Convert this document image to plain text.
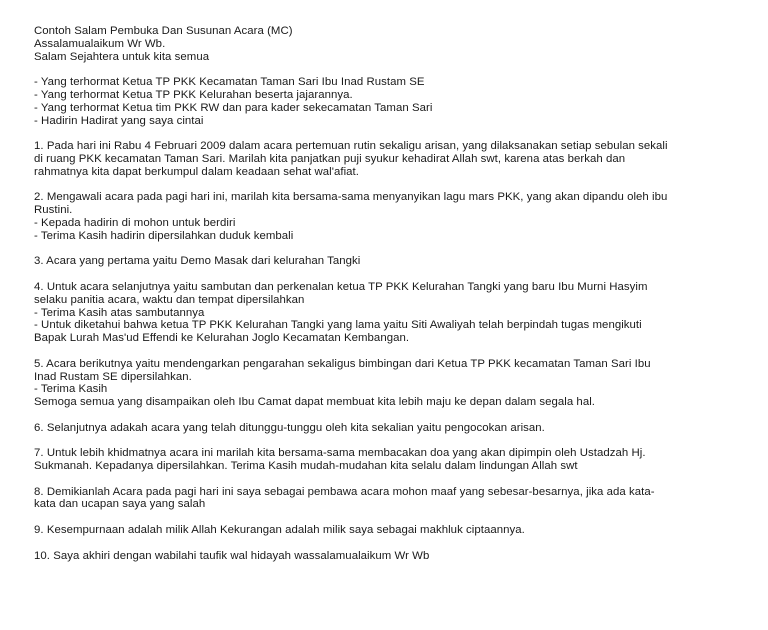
Contoh Salam Pembuka Dan Susunan Acara (MC)
Assalamualaikum Wr Wb.
Salam Sejahtera untuk kita semua
- Yang terhormat Ketua TP PKK Kecamatan Taman Sari Ibu Inad Rustam SE
- Yang terhormat Ketua TP PKK Kelurahan beserta jajarannya.
- Yang terhormat Ketua tim PKK RW dan para kader sekecamatan Taman Sari
- Hadirin Hadirat yang saya cintai
1. Pada hari ini Rabu 4 Februari 2009 dalam acara pertemuan rutin sekaligu arisan, yang dilaksanakan setiap sebulan sekali
di ruang PKK kecamatan Taman Sari. Marilah kita panjatkan puji syukur kehadirat Allah swt, karena atas berkah dan
rahmatnya kita dapat berkumpul dalam keadaan sehat wal'afiat.
2. Mengawali acara pada pagi hari ini, marilah kita bersama-sama menyanyikan lagu mars PKK, yang akan dipandu oleh ibu
Rustini.
- Kepada hadirin di mohon untuk berdiri
- Terima Kasih hadirin dipersilahkan duduk kembali
3. Acara yang pertama yaitu Demo Masak dari kelurahan Tangki
4. Untuk acara selanjutnya yaitu sambutan dan perkenalan ketua TP PKK Kelurahan Tangki yang baru Ibu Murni Hasyim
selaku panitia acara, waktu dan tempat dipersilahkan
- Terima Kasih atas sambutannya
- Untuk diketahui bahwa ketua TP PKK Kelurahan Tangki yang lama yaitu Siti Awaliyah telah berpindah tugas mengikuti
Bapak Lurah Mas'ud Effendi ke Kelurahan Joglo Kecamatan Kembangan.
5. Acara berikutnya yaitu mendengarkan pengarahan sekaligus bimbingan dari Ketua TP PKK kecamatan Taman Sari Ibu
Inad Rustam SE dipersilahkan.
- Terima Kasih
Semoga semua yang disampaikan oleh Ibu Camat dapat membuat kita lebih maju ke depan dalam segala hal.
6. Selanjutnya adakah acara yang telah ditunggu-tunggu oleh kita sekalian yaitu pengocokan arisan.
7. Untuk lebih khidmatnya acara ini marilah kita bersama-sama membacakan doa yang akan dipimpin oleh Ustadzah Hj.
Sukmanah. Kepadanya dipersilahkan. Terima Kasih mudah-mudahan kita selalu dalam lindungan Allah swt
8. Demikianlah Acara pada pagi hari ini saya sebagai pembawa acara mohon maaf yang sebesar-besarnya, jika ada kata-
kata dan ucapan saya yang salah
9. Kesempurnaan adalah milik Allah Kekurangan adalah milik saya sebagai makhluk ciptaannya.
10. Saya akhiri dengan wabilahi taufik wal hidayah wassalamualaikum Wr Wb
